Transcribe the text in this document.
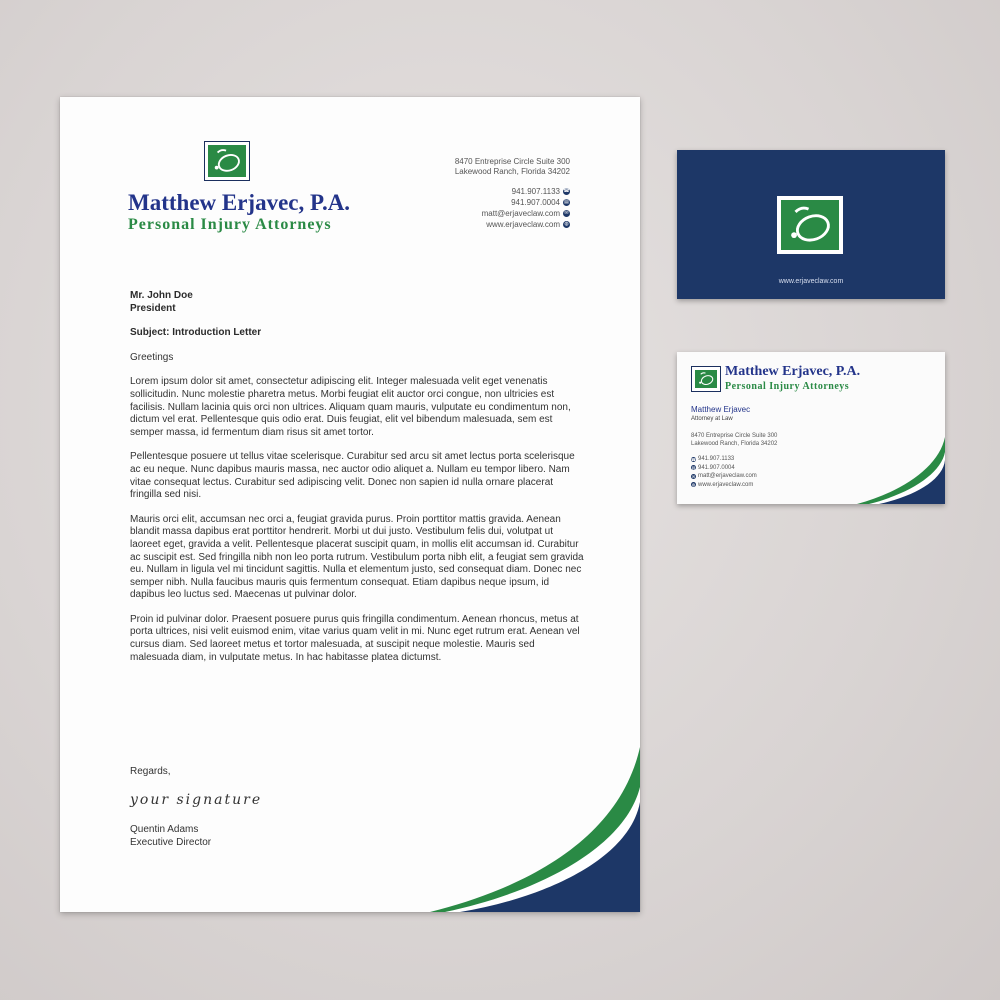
Matthew Erjavec, P.A.
Personal Injury Attorneys
8470 Entreprise Circle Suite 300
Lakewood Ranch, Florida 34202
941.907.1133 ☎
941.907.0004 ▤
matt@erjaveclaw.com ✉
www.erjaveclaw.com ◍

Mr. John Doe
President

Subject: Introduction Letter

Greetings

Lorem ipsum dolor sit amet, consectetur adipiscing elit. Integer malesuada velit eget venenatis sollicitudin. Nunc molestie pharetra metus. Morbi feugiat elit auctor orci congue, non ultricies est facilisis. Nullam lacinia quis orci non ultrices. Aliquam quam mauris, vulputate eu condimentum non, dictum vel erat. Pellentesque quis odio erat. Duis feugiat, elit vel bibendum malesuada, sem est semper massa, id fermentum diam risus sit amet tortor.

Pellentesque posuere ut tellus vitae scelerisque. Curabitur sed arcu sit amet lectus porta scelerisque ac eu neque. Nunc dapibus mauris massa, nec auctor odio aliquet a. Nullam eu tempor libero. Nam vitae consequat lectus. Curabitur sed adipiscing velit. Donec non sapien id nulla ornare placerat fringilla sed nisi.

Mauris orci elit, accumsan nec orci a, feugiat gravida purus. Proin porttitor mattis gravida. Aenean blandit massa dapibus erat porttitor hendrerit. Morbi ut dui justo. Vestibulum felis dui, volutpat ut laoreet eget, gravida a velit. Pellentesque placerat suscipit quam, in mollis elit accumsan id. Curabitur ac suscipit est. Sed fringilla nibh non leo porta rutrum. Vestibulum porta nibh elit, a feugiat sem gravida eu. Nullam in ligula vel mi tincidunt sagittis. Nulla et elementum justo, sed consequat diam. Donec nec semper nibh. Nulla faucibus mauris quis fermentum consequat. Etiam dapibus neque ipsum, id dapibus leo luctus sed. Maecenas ut pulvinar dolor.

Proin id pulvinar dolor. Praesent posuere purus quis fringilla condimentum. Aenean rhoncus, metus at porta ultrices, nisi velit euismod enim, vitae varius quam velit in mi. Nunc eget rutrum erat. Aenean vel cursus diam. Sed laoreet metus et tortor malesuada, at suscipit neque molestie. Mauris sed malesuada diam, in vulputate metus. In hac habitasse platea dictumst.

Regards,
your signature
Quentin Adams
Executive Director
www.erjaveclaw.com
Matthew Erjavec, P.A.
Personal Injury Attorneys
Matthew Erjavec
Attorney at Law
8470 Entreprise Circle Suite 300
Lakewood Ranch, Florida 34202
☎ 941.907.1133
▤ 941.907.0004
✉ matt@erjaveclaw.com
◍ www.erjaveclaw.com
